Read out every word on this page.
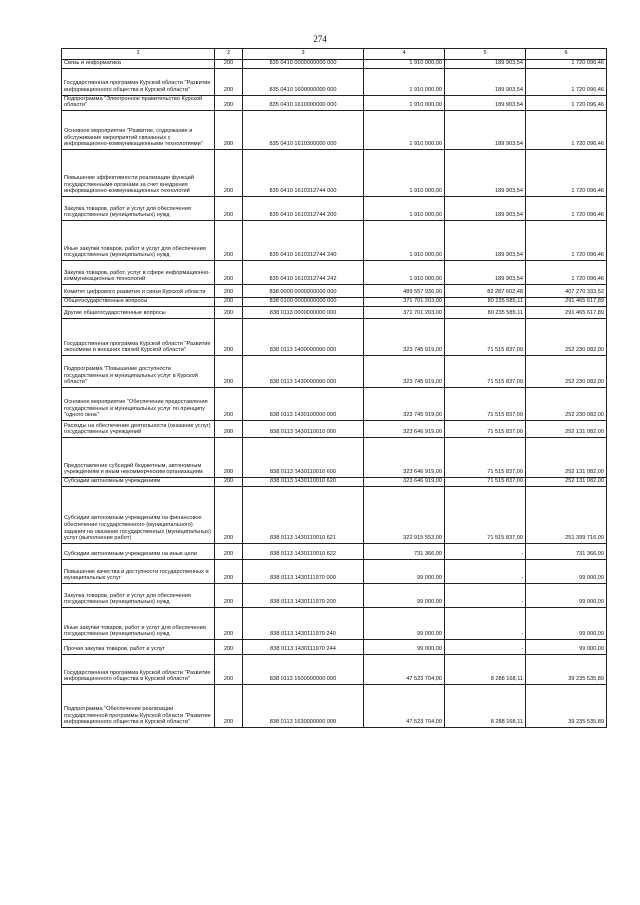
274
1	2	3	4	5	6
Связь и информатика	200	835 0410 0000000000 000	1 910 000,00	189 903,54	1 720 096,46
Государственная программа Курской области "Развитие информационного общества в Курской области"	200	835 0410 1600000000 000	1 910 000,00	189 903,54	1 720 096,46
Подпрограмма "Электронное правительство Курской области"	200	835 0410 1610000000 000	1 910 000,00	189 903,54	1 720 096,46
Основное мероприятие "Развитие, содержание и обслуживание мероприятий связанных с информационно-коммуникационными технологиями"	200	835 0410 1610300000 000	1 910 000,00	189 903,54	1 720 096,46
Повышение эффективности реализации функций государственными органами за счет внедрения информационно-коммуникационных технологий	200	835 0410 1610312744 000	1 910 000,00	189 903,54	1 720 096,46
Закупка товаров, работ и услуг для обеспечения государственных (муниципальных) нужд	200	835 0410 1610312744 200	1 910 000,00	189 903,54	1 720 096,46
Иные закупки товаров, работ и услуг для обеспечения государственных (муниципальных) нужд	200	835 0410 1610312744 240	1 910 000,00	189 903,54	1 720 096,46
Закупка товаров, работ, услуг в сфере информационно-коммуникационных технологий	200	835 0410 1610312744 242	1 910 000,00	189 903,54	1 720 096,46
Комитет цифрового развития и связи Курской области	200	838 0000 0000000000 000	489 557 936,00	82 287 602,48	407 270 333,52
Общегосударственные вопросы	200	838 0100 0000000000 000	371 701 203,00	80 235 585,11	291 465 617,89
Другие общегосударственные вопросы	200	838 0113 0000000000 000	371 701 203,00	80 235 585,11	291 465 617,89
Государственная программа Курской области "Развитие экономики и внешних связей Курской области"	200	838 0113 1400000000 000	323 745 919,00	71 515 837,00	252 230 082,00
Подпрограмма "Повышение доступности государственных и муниципальных услуг в Курской области"	200	838 0113 1430000000 000	323 745 919,00	71 515 837,00	252 230 082,00
Основное мероприятие "Обеспечение предоставления государственных и муниципальных услуг по принципу "одного окна"	200	838 0113 1430100000 000	323 745 919,00	71 515 837,00	252 230 082,00
Расходы на обеспечение деятельности (оказание услуг) государственных учреждений	200	838 0113 1430110010 000	323 646 919,00	71 515 837,00	252 131 082,00
Предоставление субсидий бюджетным, автономным учреждениям и иным некоммерческим организациям	200	838 0113 1430110010 600	323 646 919,00	71 515 837,00	252 131 082,00
Субсидии автономным учреждениям	200	838 0113 1430110010 620	323 646 919,00	71 515 837,00	252 131 082,00
Субсидии автономным учреждениям на финансовое обеспечение государственного (муниципального) задания на оказание государственных (муниципальных) услуг (выполнение работ)	200	838 0113 1430110010 621	322 915 553,00	71 515 837,00	251 399 716,00
Субсидии автономным учреждениям на иные цели	200	838 0113 1430110010 622	731 366,00	-	731 366,00
Повышение качества и доступности государственных и муниципальных услуг	200	838 0113 1430111970 000	99 000,00	-	99 000,00
Закупка товаров, работ и услуг для обеспечения государственных (муниципальных) нужд	200	838 0113 1430111970 200	99 000,00	-	99 000,00
Иные закупки товаров, работ и услуг для обеспечения государственных (муниципальных) нужд	200	838 0113 1430111970 240	99 000,00	-	99 000,00
Прочая закупка товаров, работ и услуг	200	838 0113 1430111970 244	99 000,00	-	99 000,00
Государственная программа Курской области "Развитие информационного общества в Курской области"	200	838 0113 1600000000 000	47 523 704,00	8 288 168,11	39 235 535,89
Подпрограмма "Обеспечение реализации государственной программы Курской области "Развитие информационного общества в Курской области"	200	838 0113 1630000000 000	47 523 704,00	8 288 168,11	39 235 535,89
